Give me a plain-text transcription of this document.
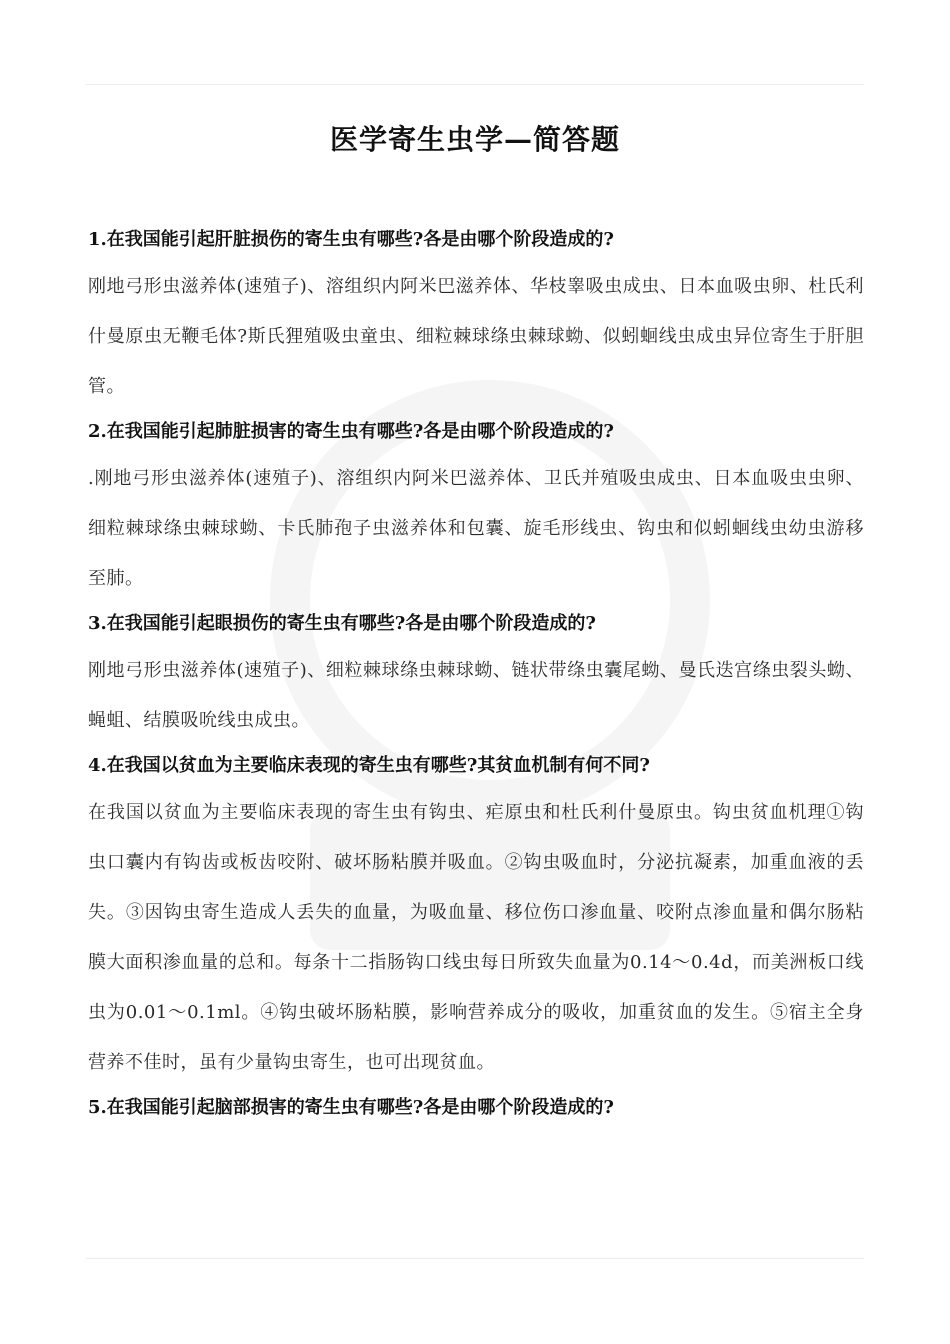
医学寄生虫学—简答题

1.在我国能引起肝脏损伤的寄生虫有哪些?各是由哪个阶段造成的?

刚地弓形虫滋养体(速殖子)、溶组织内阿米巴滋养体、华枝睾吸虫成虫、日本血吸虫卵、杜氏利什曼原虫无鞭毛体?斯氏狸殖吸虫童虫、细粒棘球绦虫棘球蚴、似蚓蛔线虫成虫异位寄生于肝胆管。

2.在我国能引起肺脏损害的寄生虫有哪些?各是由哪个阶段造成的?

.刚地弓形虫滋养体(速殖子)、溶组织内阿米巴滋养体、卫氏并殖吸虫成虫、日本血吸虫虫卵、细粒棘球绦虫棘球蚴、卡氏肺孢子虫滋养体和包囊、旋毛形线虫、钩虫和似蚓蛔线虫幼虫游移至肺。

3.在我国能引起眼损伤的寄生虫有哪些?各是由哪个阶段造成的?

刚地弓形虫滋养体(速殖子)、细粒棘球绦虫棘球蚴、链状带绦虫囊尾蚴、曼氏迭宫绦虫裂头蚴、蝇蛆、结膜吸吮线虫成虫。

4.在我国以贫血为主要临床表现的寄生虫有哪些?其贫血机制有何不同?

在我国以贫血为主要临床表现的寄生虫有钩虫、疟原虫和杜氏利什曼原虫。钩虫贫血机理①钩虫口囊内有钩齿或板齿咬附、破坏肠粘膜并吸血。②钩虫吸血时，分泌抗凝素，加重血液的丢失。③因钩虫寄生造成人丢失的血量，为吸血量、移位伤口渗血量、咬附点渗血量和偶尔肠粘膜大面积渗血量的总和。每条十二指肠钩口线虫每日所致失血量为0.14～0.4d，而美洲板口线虫为0.01～0.1ml。④钩虫破坏肠粘膜，影响营养成分的吸收，加重贫血的发生。⑤宿主全身营养不佳时，虽有少量钩虫寄生，也可出现贫血。

5.在我国能引起脑部损害的寄生虫有哪些?各是由哪个阶段造成的?
